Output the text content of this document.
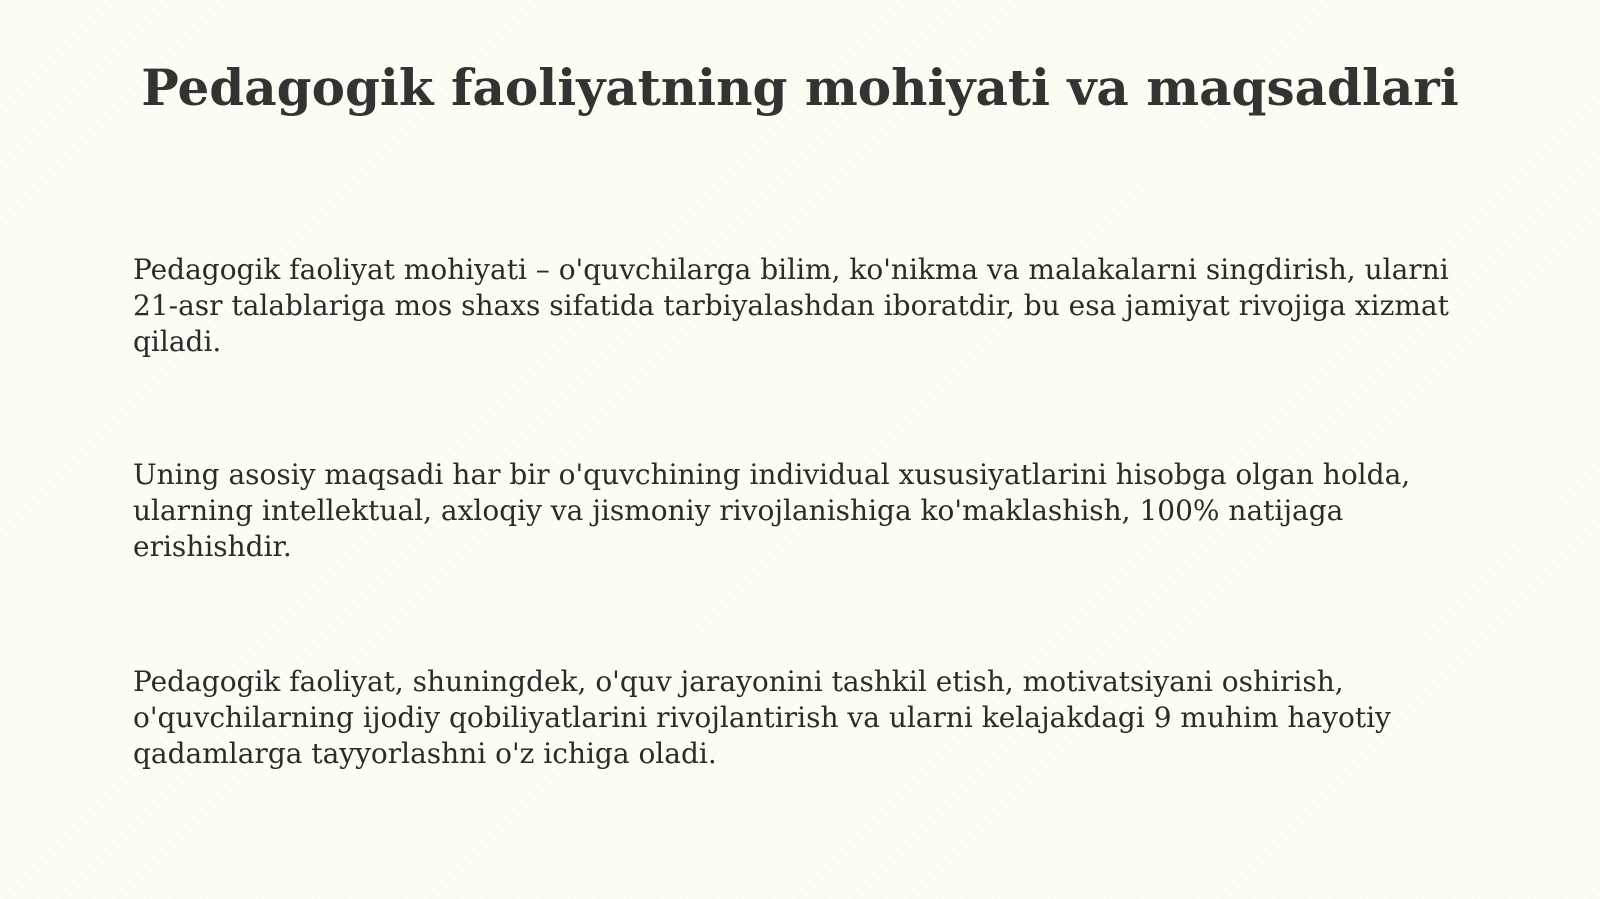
Pedagogik faoliyatning mohiyati va maqsadlari

Pedagogik faoliyat mohiyati – o'quvchilarga bilim, ko'nikma va malakalarni singdirish, ularni 21-asr talablariga mos shaxs sifatida tarbiyalashdan iboratdir, bu esa jamiyat rivojiga xizmat qiladi.

Uning asosiy maqsadi har bir o'quvchining individual xususiyatlarini hisobga olgan holda, ularning intellektual, axloqiy va jismoniy rivojlanishiga ko'maklashish, 100% natijaga erishishdir.

Pedagogik faoliyat, shuningdek, o'quv jarayonini tashkil etish, motivatsiyani oshirish, o'quvchilarning ijodiy qobiliyatlarini rivojlantirish va ularni kelajakdagi 9 muhim hayotiy qadamlarga tayyorlashni o'z ichiga oladi.
